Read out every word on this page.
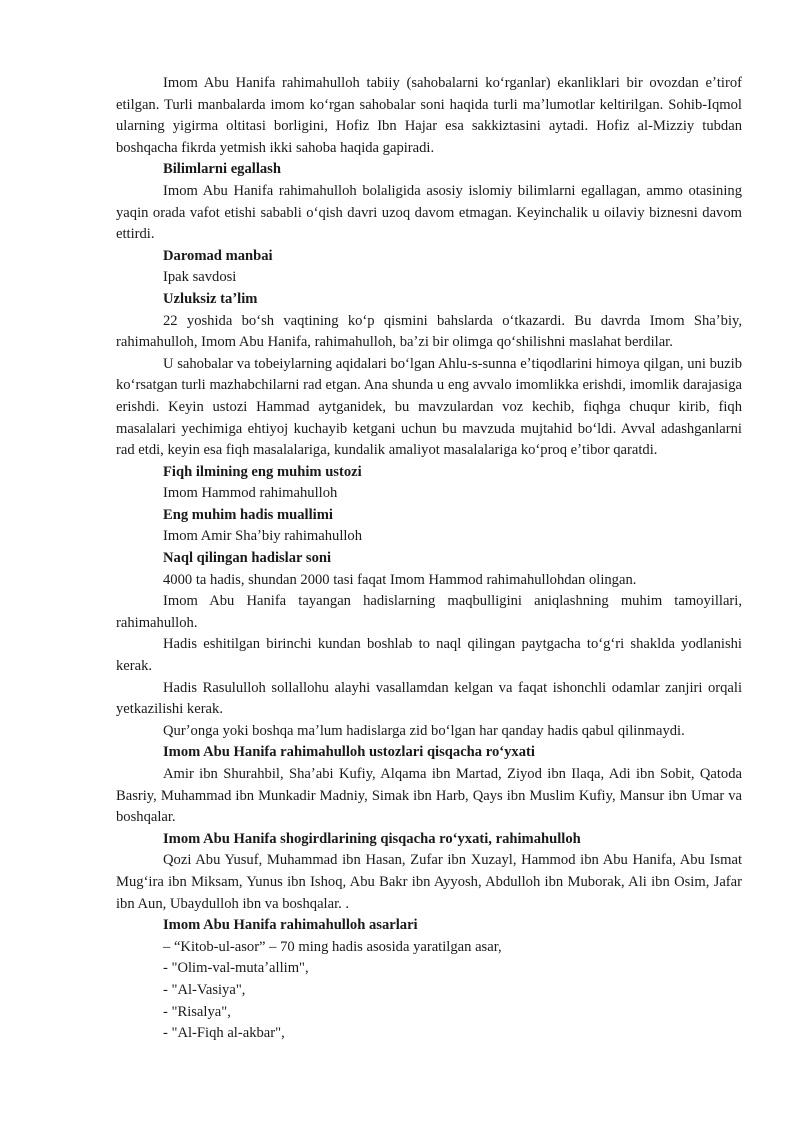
Imom Abu Hanifa rahimahulloh tabiiy (sahobalarni koʻrganlar) ekanliklari bir ovozdan eʼtirof etilgan. Turli manbalarda imom koʻrgan sahobalar soni haqida turli maʼlumotlar keltirilgan. Sohib-Iqmol ularning yigirma oltitasi borligini, Hofiz Ibn Hajar esa sakkiztasini aytadi. Hofiz al-Mizziy tubdan boshqacha fikrda yetmish ikki sahoba haqida gapiradi.

Bilimlarni egallash

Imom Abu Hanifa rahimahulloh bolaligida asosiy islomiy bilimlarni egallagan, ammo otasining yaqin orada vafot etishi sababli oʻqish davri uzoq davom etmagan. Keyinchalik u oilaviy biznesni davom ettirdi.

Daromad manbai

Ipak savdosi

Uzluksiz taʼlim

22 yoshida boʻsh vaqtining koʻp qismini bahslarda oʻtkazardi. Bu davrda Imom Shaʼbiy, rahimahulloh, Imom Abu Hanifa, rahimahulloh, baʼzi bir olimga qoʻshilishni maslahat berdilar.

U sahobalar va tobeiylarning aqidalari boʻlgan Ahlu-s-sunna eʼtiqodlarini himoya qilgan, uni buzib koʻrsatgan turli mazhabchilarni rad etgan. Ana shunda u eng avvalo imomlikka erishdi, imomlik darajasiga erishdi. Keyin ustozi Hammad aytganidek, bu mavzulardan voz kechib, fiqhga chuqur kirib, fiqh masalalari yechimiga ehtiyoj kuchayib ketgani uchun bu mavzuda mujtahid boʻldi. Avval adashganlarni rad etdi, keyin esa fiqh masalalariga, kundalik amaliyot masalalariga koʻproq eʼtibor qaratdi.

Fiqh ilmining eng muhim ustozi

Imom Hammod rahimahulloh

Eng muhim hadis muallimi

Imom Amir Shaʼbiy rahimahulloh

Naql qilingan hadislar soni

4000 ta hadis, shundan 2000 tasi faqat Imom Hammod rahimahullohdan olingan.

Imom Abu Hanifa tayangan hadislarning maqbulligini aniqlashning muhim tamoyillari, rahimahulloh.

Hadis eshitilgan birinchi kundan boshlab to naql qilingan paytgacha toʻgʻri shaklda yodlanishi kerak.

Hadis Rasululloh sollallohu alayhi vasallamdan kelgan va faqat ishonchli odamlar zanjiri orqali yetkazilishi kerak.

Qurʼonga yoki boshqa maʼlum hadislarga zid boʻlgan har qanday hadis qabul qilinmaydi.

Imom Abu Hanifa rahimahulloh ustozlari qisqacha roʻyxati

Amir ibn Shurahbil, Shaʼabi Kufiy, Alqama ibn Martad, Ziyod ibn Ilaqa, Adi ibn Sobit, Qatoda Basriy, Muhammad ibn Munkadir Madniy, Simak ibn Harb, Qays ibn Muslim Kufiy, Mansur ibn Umar va boshqalar.

Imom Abu Hanifa shogirdlarining qisqacha roʻyxati, rahimahulloh

Qozi Abu Yusuf, Muhammad ibn Hasan, Zufar ibn Xuzayl, Hammod ibn Abu Hanifa, Abu Ismat Mugʻira ibn Miksam, Yunus ibn Ishoq, Abu Bakr ibn Ayyosh, Abdulloh ibn Muborak, Ali ibn Osim, Jafar ibn Aun, Ubaydulloh ibn va boshqalar. .

Imom Abu Hanifa rahimahulloh asarlari

– “Kitob-ul-asor” – 70 ming hadis asosida yaratilgan asar,

- "Olim-val-mutaʼallim",

- "Al-Vasiya",

- "Risalya",

- "Al-Fiqh al-akbar",
